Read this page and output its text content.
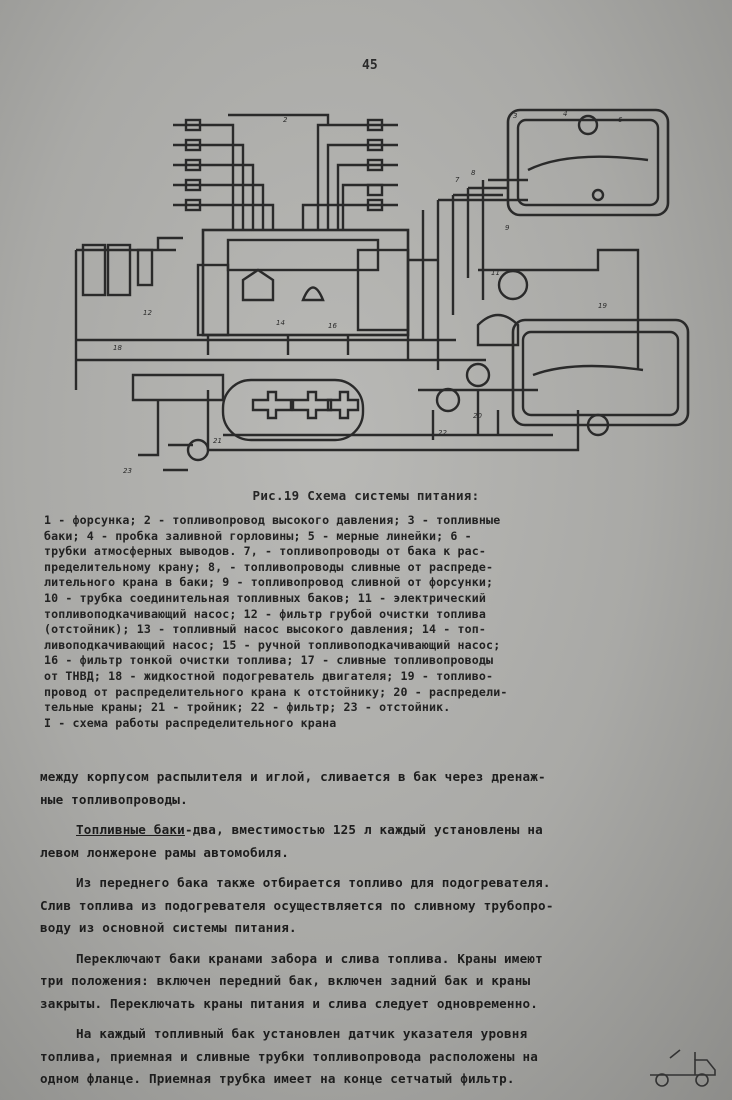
45
2	3	4
6
7
8
9
11
12
14	16
18
19
20
21
22
23
Рис.19 Схема системы питания:

1 - форсунка; 2 - топливопровод высокого давления; 3 - топливные

баки; 4 - пробка заливной горловины; 5 - мерные линейки; 6 -

трубки атмосферных выводов. 7, - топливопроводы от бака к рас-

пределительному крану; 8, - топливопроводы сливные от распреде-

лительного крана в баки; 9 - топливопровод сливной от форсунки;

10 - трубка соединительная топливных баков; 11 - электрический

топливоподкачивающий насос; 12 - фильтр грубой очистки топлива

(отстойник); 13 - топливный насос высокого давления; 14 - топ-

ливоподкачивающий насос; 15 - ручной топливоподкачивающий насос;

16 - фильтр тонкой очистки топлива; 17 - сливные топливопроводы

от ТНВД; 18 - жидкостной подогреватель двигателя; 19 - топливо-

провод от распределительного крана к отстойнику; 20 - распредели-

тельные краны; 21 - тройник; 22 - фильтр; 23 - отстойник.

I - схема работы распределительного крана

между корпусом распылителя и иглой, сливается в бак через дренаж-

ные топливопроводы.

Топливные баки-два, вместимостью 125 л каждый установлены на

левом лонжероне рамы автомобиля.

Из переднего бака также отбирается топливо для подогревателя.

Слив топлива из подогревателя осуществляется по сливному трубопро-

воду из основной системы питания.

Переключают баки кранами забора и слива топлива. Краны имеют

три положения: включен передний бак, включен задний бак и краны

закрыты. Переключать краны питания и слива следует одновременно.

На каждый топливный бак установлен датчик указателя уровня

топлива, приемная и сливные трубки топливопровода расположены на

одном фланце. Приемная трубка имеет на конце сетчатый фильтр.
